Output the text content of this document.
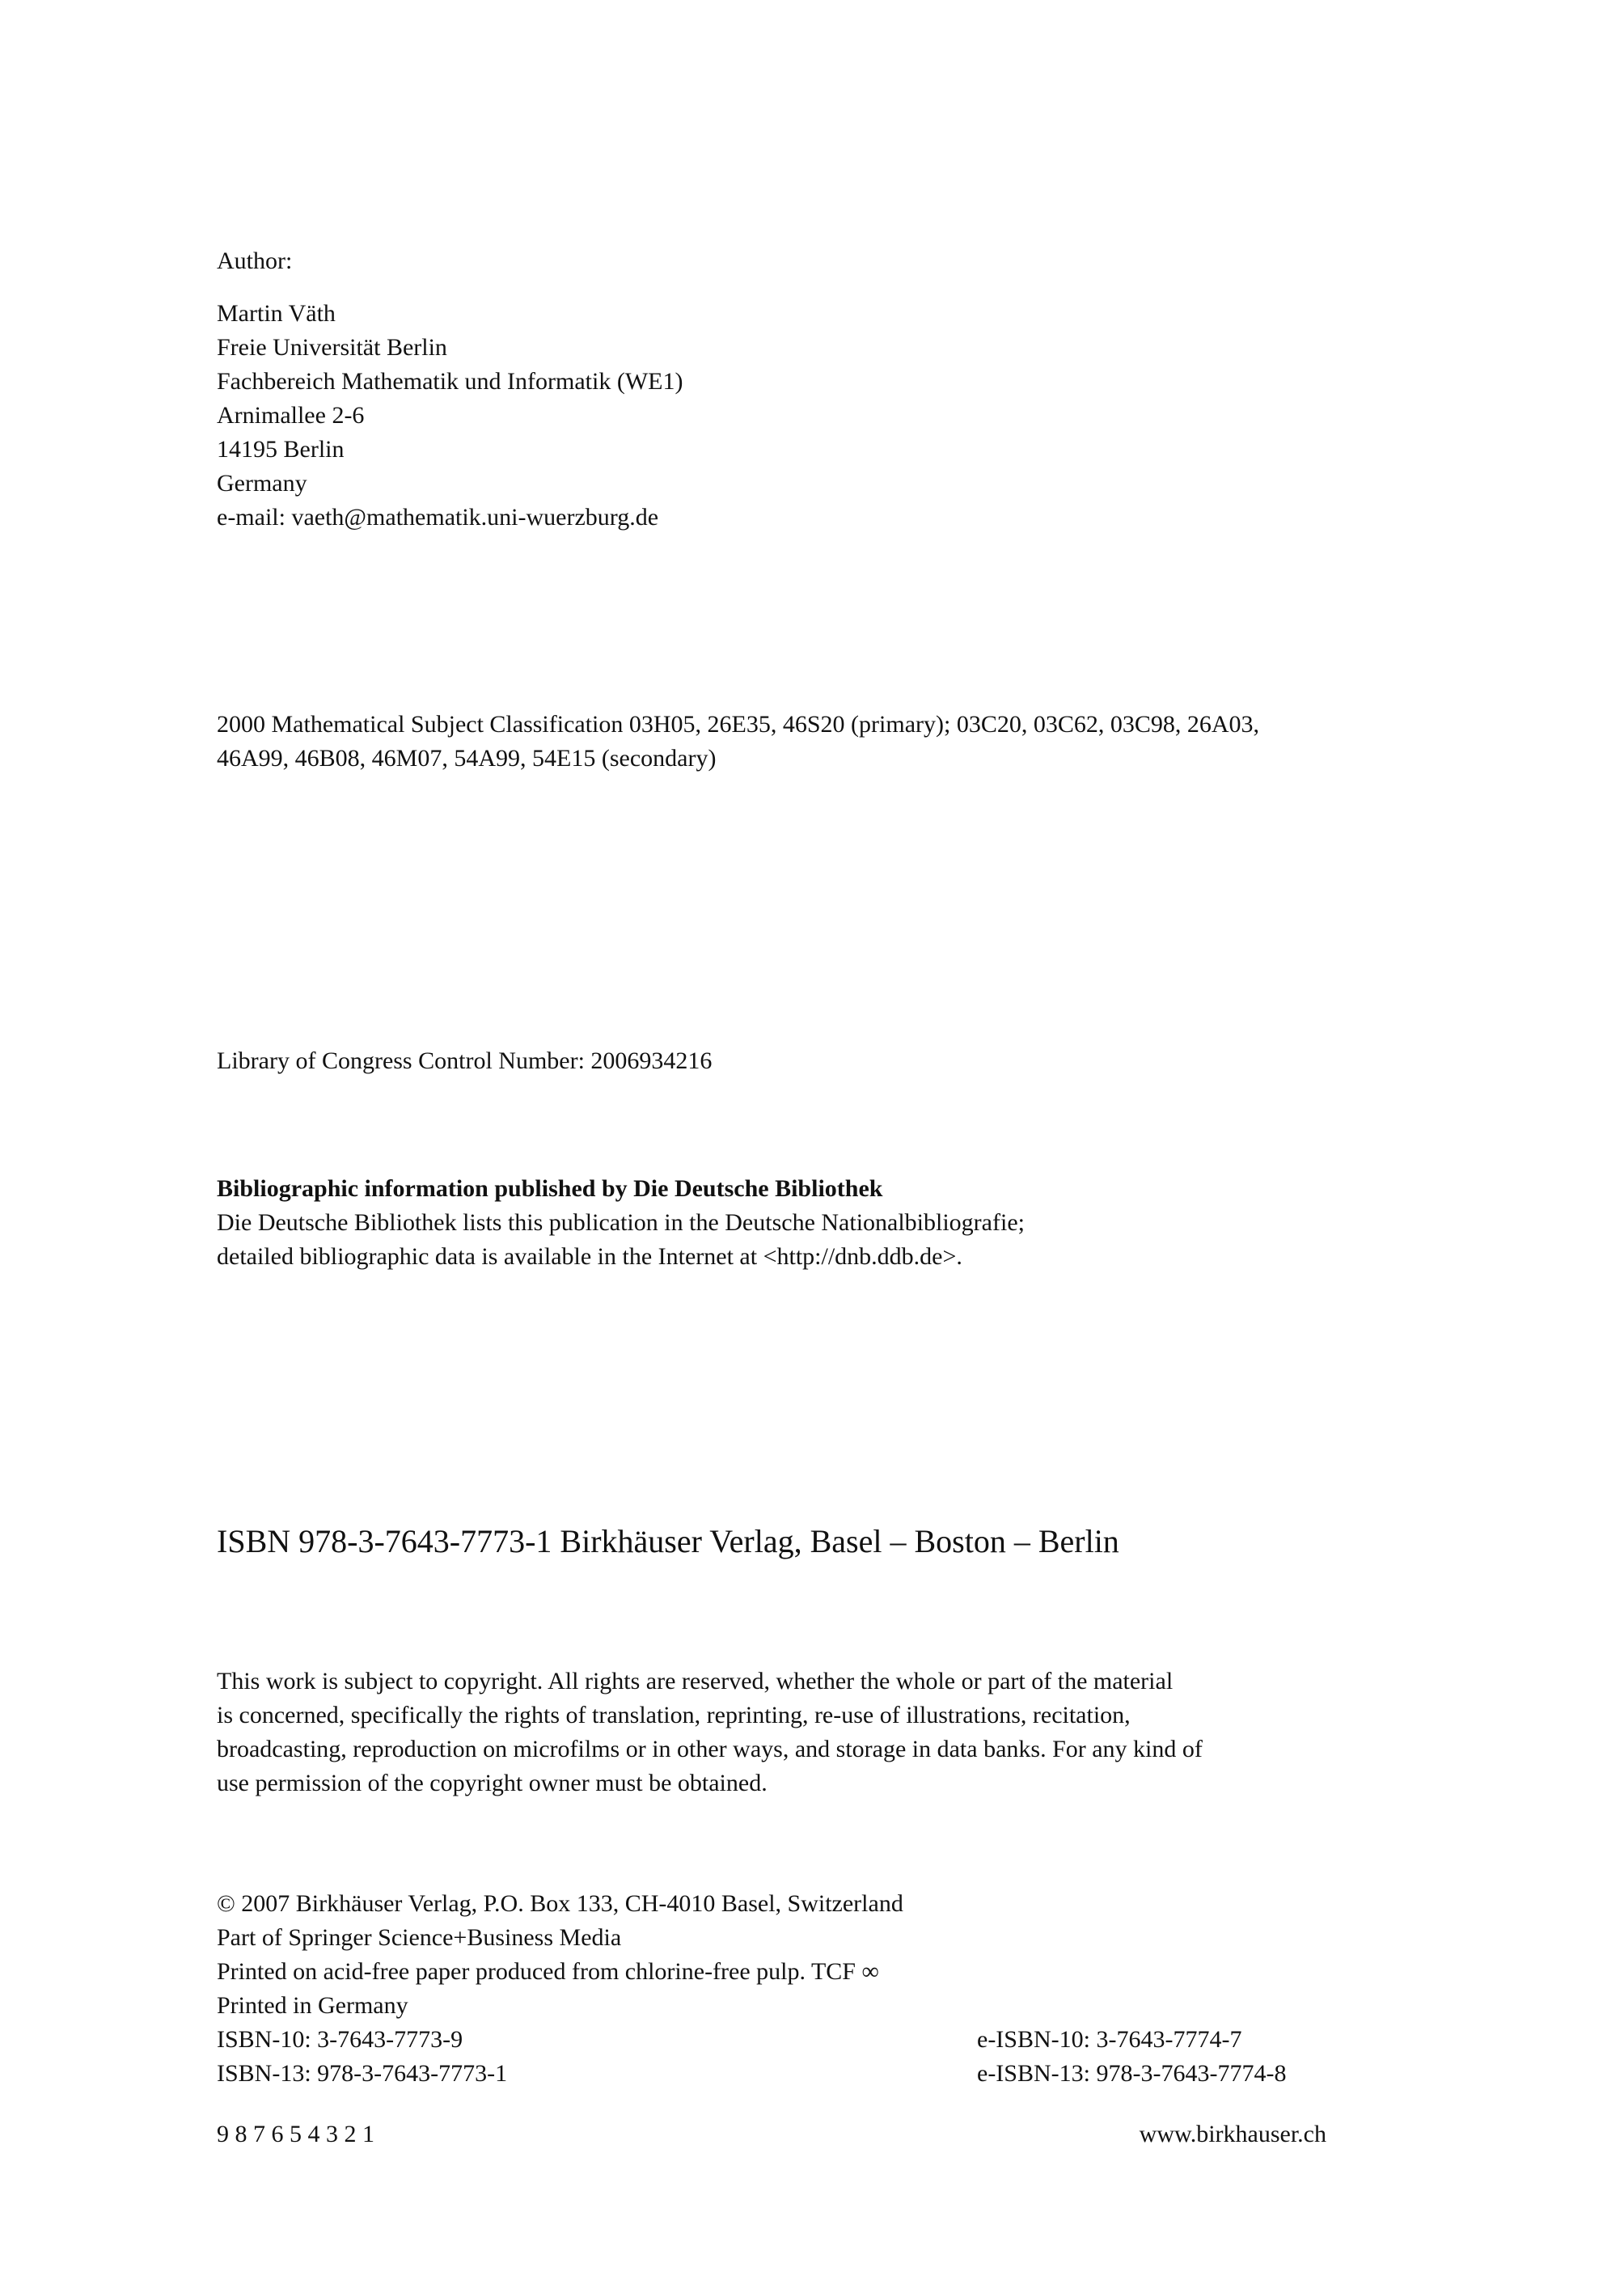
Author:
Martin Väth
Freie Universität Berlin
Fachbereich Mathematik und Informatik (WE1)
Arnimallee 2-6
14195 Berlin
Germany
e-mail: vaeth@mathematik.uni-wuerzburg.de
2000 Mathematical Subject Classification 03H05, 26E35, 46S20 (primary); 03C20, 03C62, 03C98, 26A03,
46A99, 46B08, 46M07, 54A99, 54E15 (secondary)
Library of Congress Control Number: 2006934216
Bibliographic information published by Die Deutsche Bibliothek
Die Deutsche Bibliothek lists this publication in the Deutsche Nationalbibliografie;
detailed bibliographic data is available in the Internet at <http://dnb.ddb.de>.
ISBN 978-3-7643-7773-1 Birkhäuser Verlag, Basel – Boston – Berlin
This work is subject to copyright. All rights are reserved, whether the whole or part of the material
is concerned, specifically the rights of translation, reprinting, re-use of illustrations, recitation,
broadcasting, reproduction on microfilms or in other ways, and storage in data banks. For any kind of
use permission of the copyright owner must be obtained.
© 2007 Birkhäuser Verlag, P.O. Box 133, CH-4010 Basel, Switzerland
Part of Springer Science+Business Media
Printed on acid-free paper produced from chlorine-free pulp. TCF ∞
Printed in Germany
ISBN-10: 3-7643-7773-9	e-ISBN-10: 3-7643-7774-7
ISBN-13: 978-3-7643-7773-1	e-ISBN-13: 978-3-7643-7774-8
9 8 7 6 5 4 3 2 1	www.birkhauser.ch
